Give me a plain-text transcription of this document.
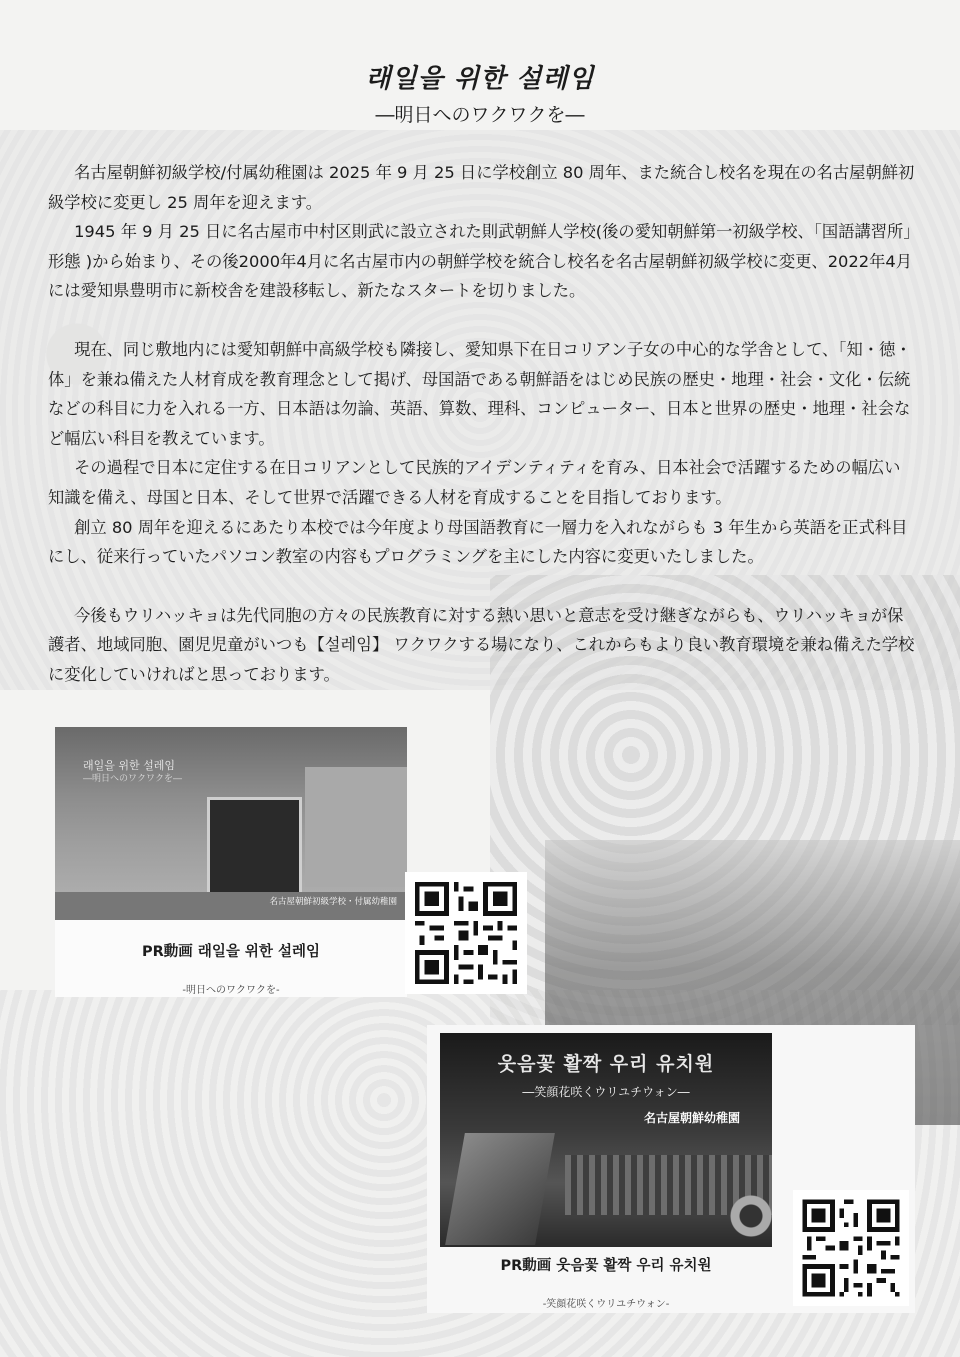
래일을 위한 설레임
―明日へのワクワクを―

名古屋朝鮮初級学校/付属幼稚園は 2025 年 9 月 25 日に学校創立 80 周年、また統合し校名を現在の名古屋朝鮮初級学校に変更し 25 周年を迎えます。

1945 年 9 月 25 日に名古屋市中村区則武に設立された則武朝鮮人学校(後の愛知朝鮮第一初級学校、「国語講習所」形態 )から始まり、その後2000年4月に名古屋市内の朝鮮学校を統合し校名を名古屋朝鮮初級学校に変更、2022年4月には愛知県豊明市に新校舎を建設移転し、新たなスタートを切りました。

現在、同じ敷地内には愛知朝鮮中高級学校も隣接し、愛知県下在日コリアン子女の中心的な学舎として、「知・徳・体」を兼ね備えた人材育成を教育理念として掲げ、母国語である朝鮮語をはじめ民族の歴史・地理・社会・文化・伝統などの科目に力を入れる一方、日本語は勿論、英語、算数、理科、コンピューター、日本と世界の歴史・地理・社会など幅広い科目を教えています。

その過程で日本に定住する在日コリアンとして民族的アイデンティティを育み、日本社会で活躍するための幅広い知識を備え、母国と日本、そして世界で活躍できる人材を育成することを目指しております。

創立 80 周年を迎えるにあたり本校では今年度より母国語教育に一層力を入れながらも 3 年生から英語を正式科目にし、従来行っていたパソコン教室の内容もプログラミングを主にした内容に変更いたしました。

今後もウリハッキョは先代同胞の方々の民族教育に対する熱い思いと意志を受け継ぎながらも、ウリハッキョが保護者、地域同胞、園児児童がいつも【설레임】 ワクワクする場になり、これからもより良い教育環境を兼ね備えた学校に変化していければと思っております。

래일을 위한 설레임
―明日へのワクワクを―
名古屋朝鮮初級学校・付属幼稚園
PR動画 래일을 위한 설레임
-明日へのワクワクを-
웃음꽃 활짝 우리 유치원
―笑顔花咲くウリユチウォン―
名古屋朝鮮幼稚園
PR動画 웃음꽃 활짝 우리 유치원
-笑顔花咲くウリユチウォン-
